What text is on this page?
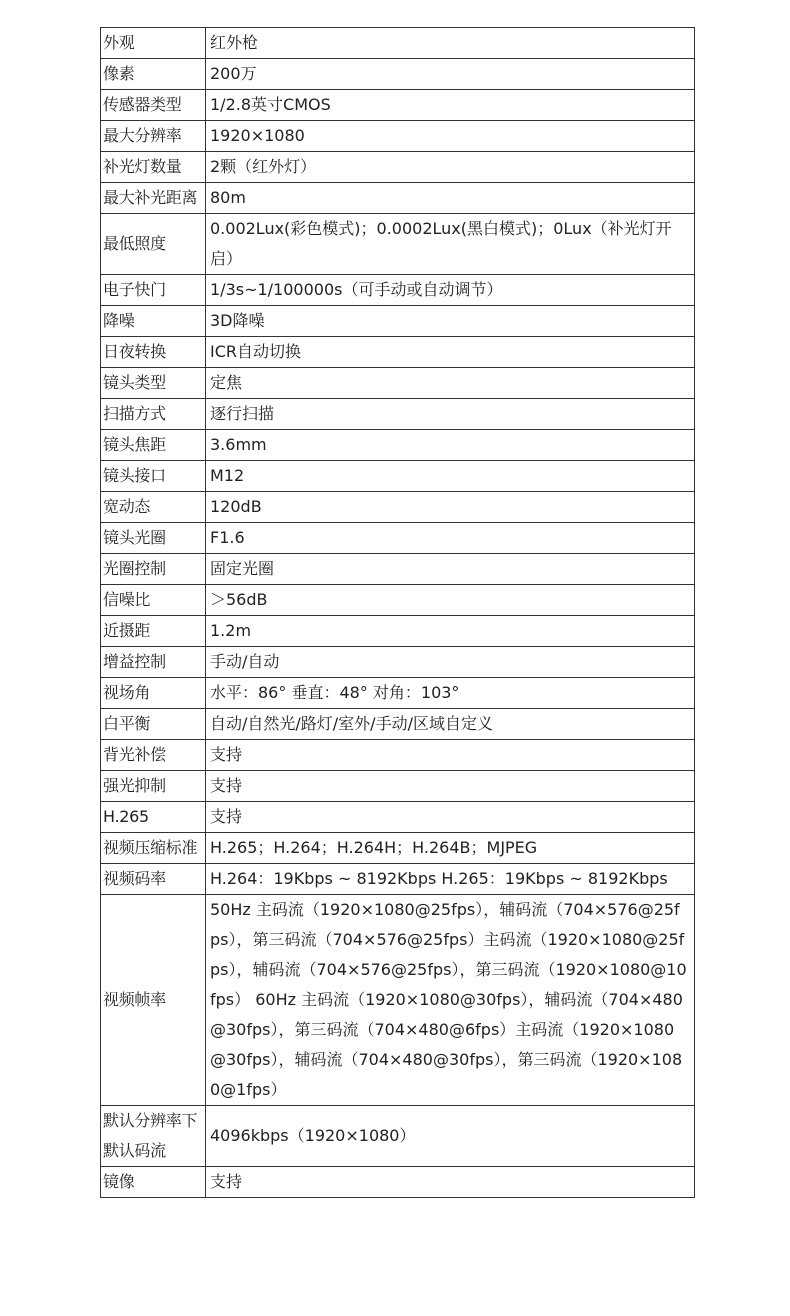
外观	红外枪
像素	200万
传感器类型	1/2.8英寸CMOS
最大分辨率	1920×1080
补光灯数量	2颗（红外灯）
最大补光距离	80m
最低照度	0.002Lux(彩色模式)；0.0002Lux(黑白模式)；0Lux（补光灯开启）
电子快门	1/3s~1/100000s（可手动或自动调节）
降噪	3D降噪
日夜转换	ICR自动切换
镜头类型	定焦
扫描方式	逐行扫描
镜头焦距	3.6mm
镜头接口	M12
宽动态	120dB
镜头光圈	F1.6
光圈控制	固定光圈
信噪比	＞56dB
近摄距	1.2m
增益控制	手动/自动
视场角	水平：86° 垂直：48° 对角：103°
白平衡	自动/自然光/路灯/室外/手动/区域自定义
背光补偿	支持
强光抑制	支持
H.265	支持
视频压缩标准	H.265；H.264；H.264H；H.264B；MJPEG
视频码率	H.264：19Kbps ~ 8192Kbps H.265：19Kbps ~ 8192Kbps
视频帧率	50Hz 主码流（1920×1080@25fps），辅码流（704×576@25fps），第三码流（704×576@25fps）主码流（1920×1080@25fps），辅码流（704×576@25fps），第三码流（1920×1080@10fps） 60Hz 主码流（1920×1080@30fps），辅码流（704×480@30fps），第三码流（704×480@6fps）主码流（1920×1080@30fps），辅码流（704×480@30fps），第三码流（1920×1080@1fps）
默认分辨率下默认码流	4096kbps（1920×1080）
镜像	支持
